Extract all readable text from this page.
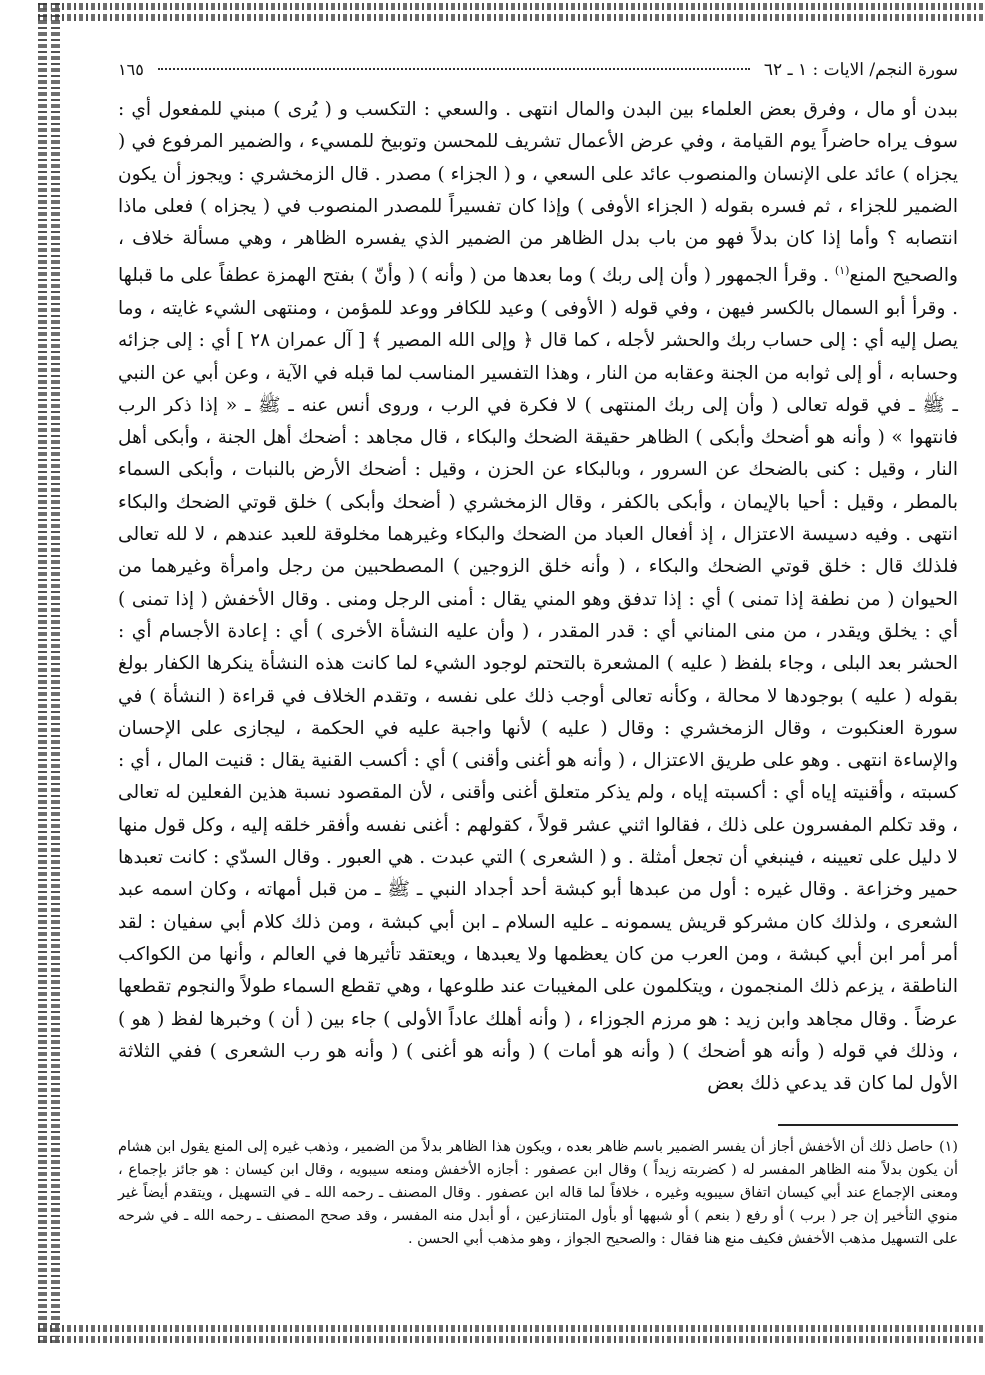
سورة النجم/ الايات : ١ ـ ٦٢
١٦٥

ببدن أو مال ، وفرق بعض العلماء بين البدن والمال انتهى . والسعي : التكسب و ( يُرى ) مبني للمفعول أي : سوف يراه حاضراً يوم القيامة ، وفي عرض الأعمال تشريف للمحسن وتوبيخ للمسيء ، والضمير المرفوع في ( يجزاه ) عائد على الإنسان والمنصوب عائد على السعي ، و ( الجزاء ) مصدر . قال الزمخشري : ويجوز أن يكون الضمير للجزاء ، ثم فسره بقوله ( الجزاء الأوفى ) وإذا كان تفسيراً للمصدر المنصوب في ( يجزاه ) فعلى ماذا انتصابه ؟ وأما إذا كان بدلاً فهو من باب بدل الظاهر من الضمير الذي يفسره الظاهر ، وهي مسألة خلاف ، والصحيح المنع$^{(١)}$ . وقرأ الجمهور ( وأن إلى ربك ) وما بعدها من ( وأنه ) ( وأنّ ) بفتح الهمزة عطفاً على ما قبلها . وقرأ أبو السمال بالكسر فيهن ، وفي قوله ( الأوفى ) وعيد للكافر ووعد للمؤمن ، ومنتهى الشيء غايته ، وما يصل إليه أي : إلى حساب ربك والحشر لأجله ، كما قال ﴿ وإلى الله المصير ﴾ [ آل عمران ٢٨ ] أي : إلى جزائه وحسابه ، أو إلى ثوابه من الجنة وعقابه من النار ، وهذا التفسير المناسب لما قبله في الآية ، وعن أبي عن النبي ـ ﷺ ـ في قوله تعالى ( وأن إلى ربك المنتهى ) لا فكرة في الرب ، وروى أنس عنه ـ ﷺ ـ « إذا ذكر الرب فانتهوا » ( وأنه هو أضحك وأبكى ) الظاهر حقيقة الضحك والبكاء ، قال مجاهد : أضحك أهل الجنة ، وأبكى أهل النار ، وقيل : كنى بالضحك عن السرور ، وبالبكاء عن الحزن ، وقيل : أضحك الأرض بالنبات ، وأبكى السماء بالمطر ، وقيل : أحيا بالإيمان ، وأبكى بالكفر ، وقال الزمخشري ( أضحك وأبكى ) خلق قوتي الضحك والبكاء انتهى . وفيه دسيسة الاعتزال ، إذ أفعال العباد من الضحك والبكاء وغيرهما مخلوقة للعبد عندهم ، لا لله تعالى فلذلك قال : خلق قوتي الضحك والبكاء ، ( وأنه خلق الزوجين ) المصطحبين من رجل وامرأة وغيرهما من الحيوان ( من نطفة إذا تمنى ) أي : إذا تدفق وهو المني يقال : أمنى الرجل ومنى . وقال الأخفش ( إذا تمنى ) أي : يخلق ويقدر ، من منى المناني أي : قدر المقدر ، ( وأن عليه النشأة الأخرى ) أي : إعادة الأجسام أي : الحشر بعد البلى ، وجاء بلفظ ( عليه ) المشعرة بالتحتم لوجود الشيء لما كانت هذه النشأة ينكرها الكفار بولغ بقوله ( عليه ) بوجودها لا محالة ، وكأنه تعالى أوجب ذلك على نفسه ، وتقدم الخلاف في قراءة ( النشأة ) في سورة العنكبوت ، وقال الزمخشري : وقال ( عليه ) لأنها واجبة عليه في الحكمة ، ليجازى على الإحسان والإساءة انتهى . وهو على طريق الاعتزال ، ( وأنه هو أغنى وأقنى ) أي : أكسب القنية يقال : قنيت المال ، أي : كسبته ، وأقنيته إياه أي : أكسبته إياه ، ولم يذكر متعلق أغنى وأقنى ، لأن المقصود نسبة هذين الفعلين له تعالى ، وقد تكلم المفسرون على ذلك ، فقالوا اثني عشر قولاً ، كقولهم : أغنى نفسه وأفقر خلقه إليه ، وكل قول منها لا دليل على تعيينه ، فينبغي أن تجعل أمثلة . و ( الشعرى ) التي عبدت . هي العبور . وقال السدّي : كانت تعبدها حمير وخزاعة . وقال غيره : أول من عبدها أبو كبشة أحد أجداد النبي ـ ﷺ ـ من قبل أمهاته ، وكان اسمه عبد الشعرى ، ولذلك كان مشركو قريش يسمونه ـ عليه السلام ـ ابن أبي كبشة ، ومن ذلك كلام أبي سفيان : لقد أمر أمر ابن أبي كبشة ، ومن العرب من كان يعظمها ولا يعبدها ، ويعتقد تأثيرها في العالم ، وأنها من الكواكب الناطقة ، يزعم ذلك المنجمون ، ويتكلمون على المغيبات عند طلوعها ، وهي تقطع السماء طولاً والنجوم تقطعها عرضاً . وقال مجاهد وابن زيد : هو مرزم الجوزاء ، ( وأنه أهلك عاداً الأولى ) جاء بين ( أن ) وخبرها لفظ ( هو ) ، وذلك في قوله ( وأنه هو أضحك ) ( وأنه هو أمات ) ( وأنه هو أغنى ) ( وأنه هو رب الشعرى ) ففي الثلاثة الأول لما كان قد يدعي ذلك بعض

(١)حاصل ذلك أن الأخفش أجاز أن يفسر الضمير باسم ظاهر بعده ، ويكون هذا الظاهر بدلاً من الضمير ، وذهب غيره إلى المنع يقول ابن هشام أن يكون بدلاً منه الظاهر المفسر له ( كضربته زيداً ) وقال ابن عصفور : أجازه الأخفش ومنعه سيبويه ، وقال ابن كيسان : هو جائز بإجماع ، ومعنى الإجماع عند أبي كيسان اتفاق سيبويه وغيره ، خلافاً لما قاله ابن عصفور . وقال المصنف ـ رحمه الله ـ في التسهيل ، ويتقدم أيضاً غير منوي التأخير إن جر ( برب ) أو رفع ( بنعم ) أو شبهها أو بأول المتنازعين ، أو أبدل منه المفسر ، وقد صحح المصنف ـ رحمه الله ـ في شرحه على التسهيل مذهب الأخفش فكيف منع هنا فقال : والصحيح الجواز ، وهو مذهب أبي الحسن .
